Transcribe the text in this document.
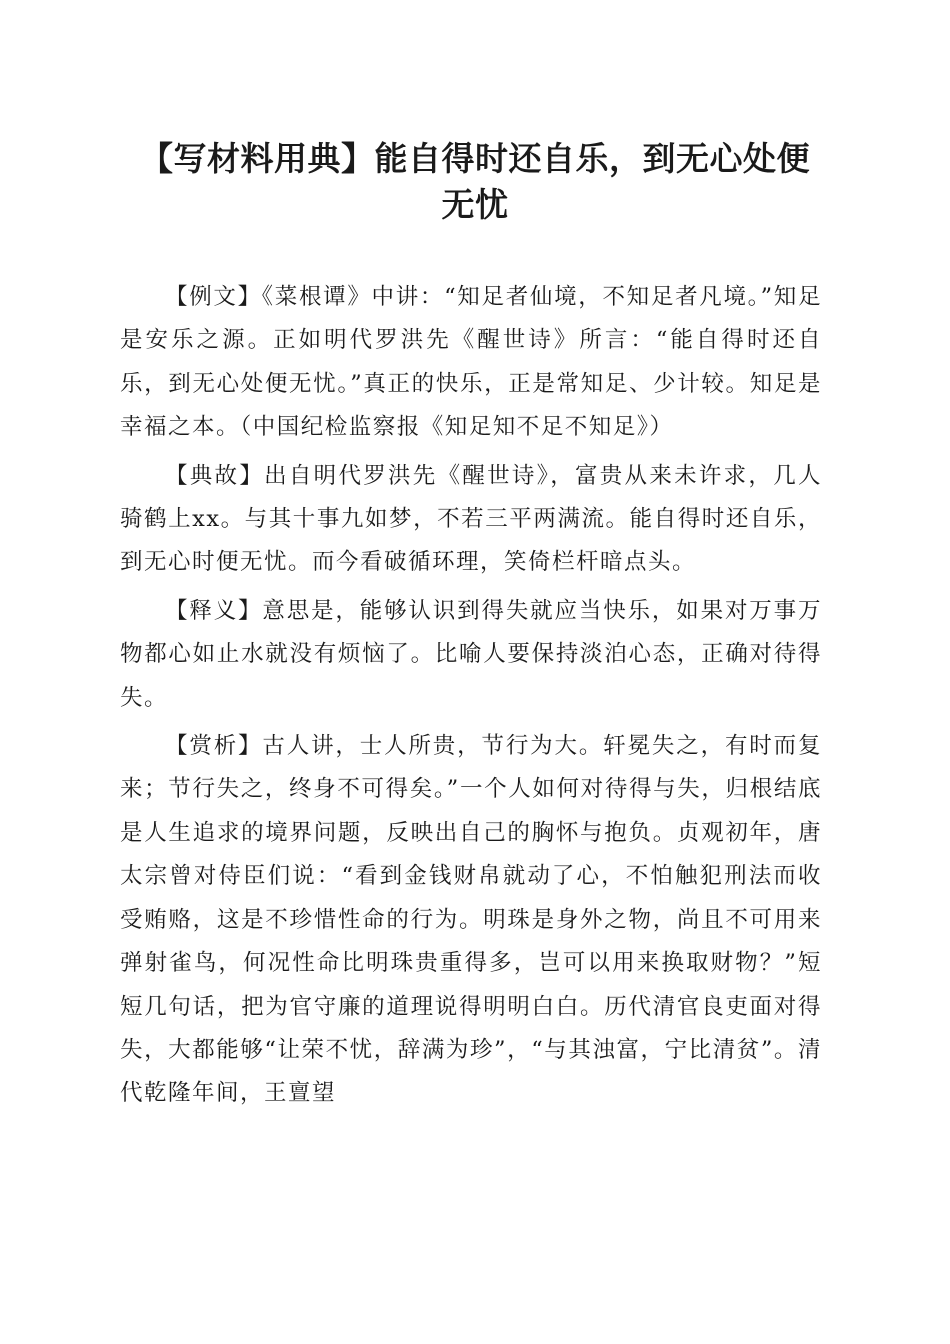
【写材料用典】能自得时还自乐，到无心处便
无忧

【例文】《菜根谭》中讲：“知足者仙境，不知足者凡境。”知足是安乐之源。正如明代罗洪先《醒世诗》所言：“能自得时还自乐，到无心处便无忧。”真正的快乐，正是常知足、少计较。知足是幸福之本。（中国纪检监察报《知足知不足不知足》）

【典故】出自明代罗洪先《醒世诗》，富贵从来未许求，几人骑鹤上xx。与其十事九如梦，不若三平两满流。能自得时还自乐，到无心时便无忧。而今看破循环理，笑倚栏杆暗点头。

【释义】意思是，能够认识到得失就应当快乐，如果对万事万物都心如止水就没有烦恼了。比喻人要保持淡泊心态，正确对待得失。

【赏析】古人讲，士人所贵，节行为大。轩冕失之，有时而复来；节行失之，终身不可得矣。”一个人如何对待得与失，归根结底是人生追求的境界问题，反映出自己的胸怀与抱负。贞观初年，唐太宗曾对侍臣们说：“看到金钱财帛就动了心，不怕触犯刑法而收受贿赂，这是不珍惜性命的行为。明珠是身外之物，尚且不可用来弹射雀鸟，何况性命比明珠贵重得多，岂可以用来换取财物？”短短几句话，把为官守廉的道理说得明明白白。历代清官良吏面对得失，大都能够“让荣不忧，辞满为珍”，“与其浊富，宁比清贫”。清代乾隆年间，王亶望
